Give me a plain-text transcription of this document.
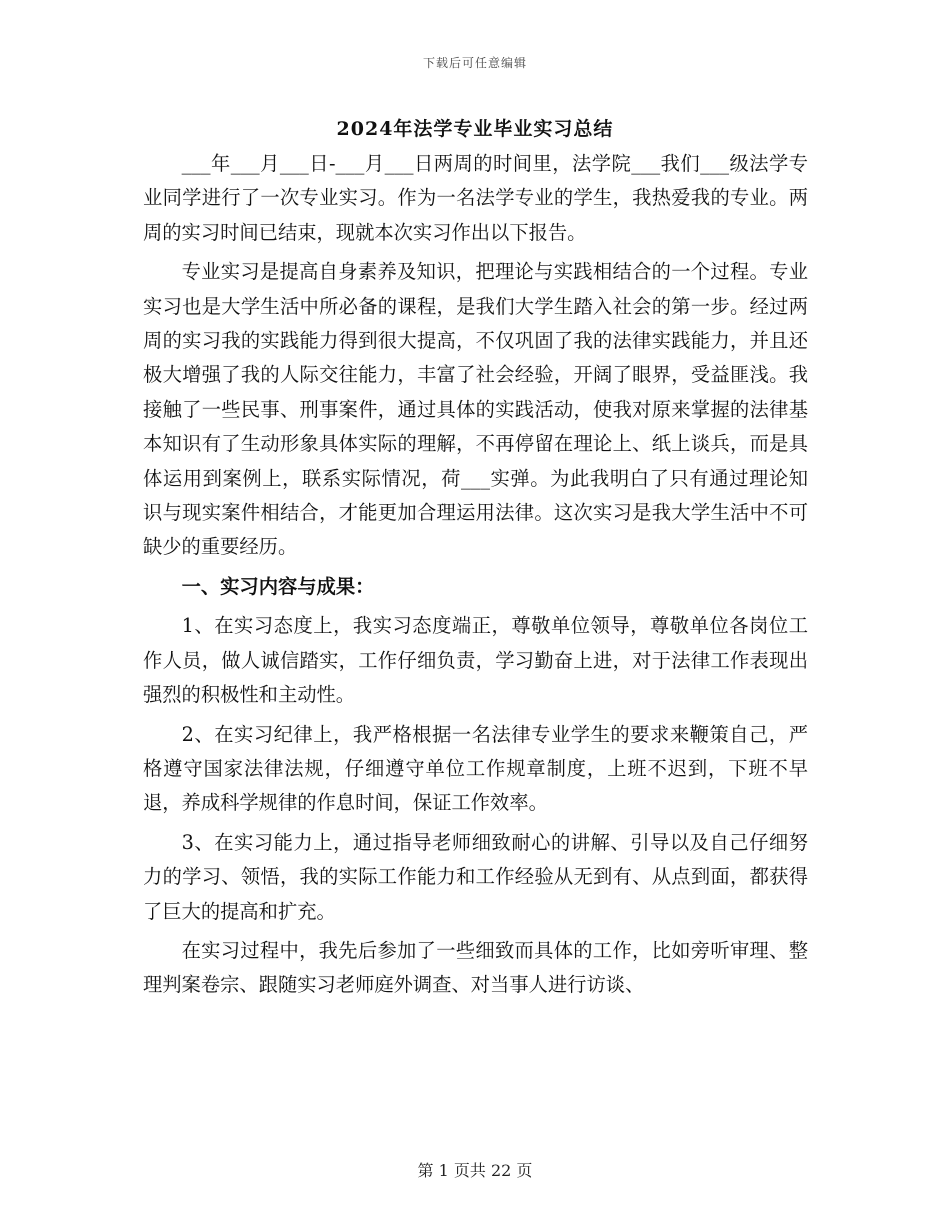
下载后可任意编辑
2024年法学专业毕业实习总结

___年___月___日-___月___日两周的时间里，法学院___我们___级法学专业同学进行了一次专业实习。作为一名法学专业的学生，我热爱我的专业。两周的实习时间已结束，现就本次实习作出以下报告。

专业实习是提高自身素养及知识，把理论与实践相结合的一个过程。专业实习也是大学生活中所必备的课程，是我们大学生踏入社会的第一步。经过两周的实习我的实践能力得到很大提高，不仅巩固了我的法律实践能力，并且还极大增强了我的人际交往能力，丰富了社会经验，开阔了眼界，受益匪浅。我接触了一些民事、刑事案件，通过具体的实践活动，使我对原来掌握的法律基本知识有了生动形象具体实际的理解，不再停留在理论上、纸上谈兵，而是具体运用到案例上，联系实际情况，荷___实弹。为此我明白了只有通过理论知识与现实案件相结合，才能更加合理运用法律。这次实习是我大学生活中不可缺少的重要经历。

一、实习内容与成果：

1、在实习态度上，我实习态度端正，尊敬单位领导，尊敬单位各岗位工作人员，做人诚信踏实，工作仔细负责，学习勤奋上进，对于法律工作表现出强烈的积极性和主动性。

2、在实习纪律上，我严格根据一名法律专业学生的要求来鞭策自己，严格遵守国家法律法规，仔细遵守单位工作规章制度，上班不迟到，下班不早退，养成科学规律的作息时间，保证工作效率。

3、在实习能力上，通过指导老师细致耐心的讲解、引导以及自己仔细努力的学习、领悟，我的实际工作能力和工作经验从无到有、从点到面，都获得了巨大的提高和扩充。

在实习过程中，我先后参加了一些细致而具体的工作，比如旁听审理、整理判案卷宗、跟随实习老师庭外调查、对当事人进行访谈、

第 1 页共 22 页
